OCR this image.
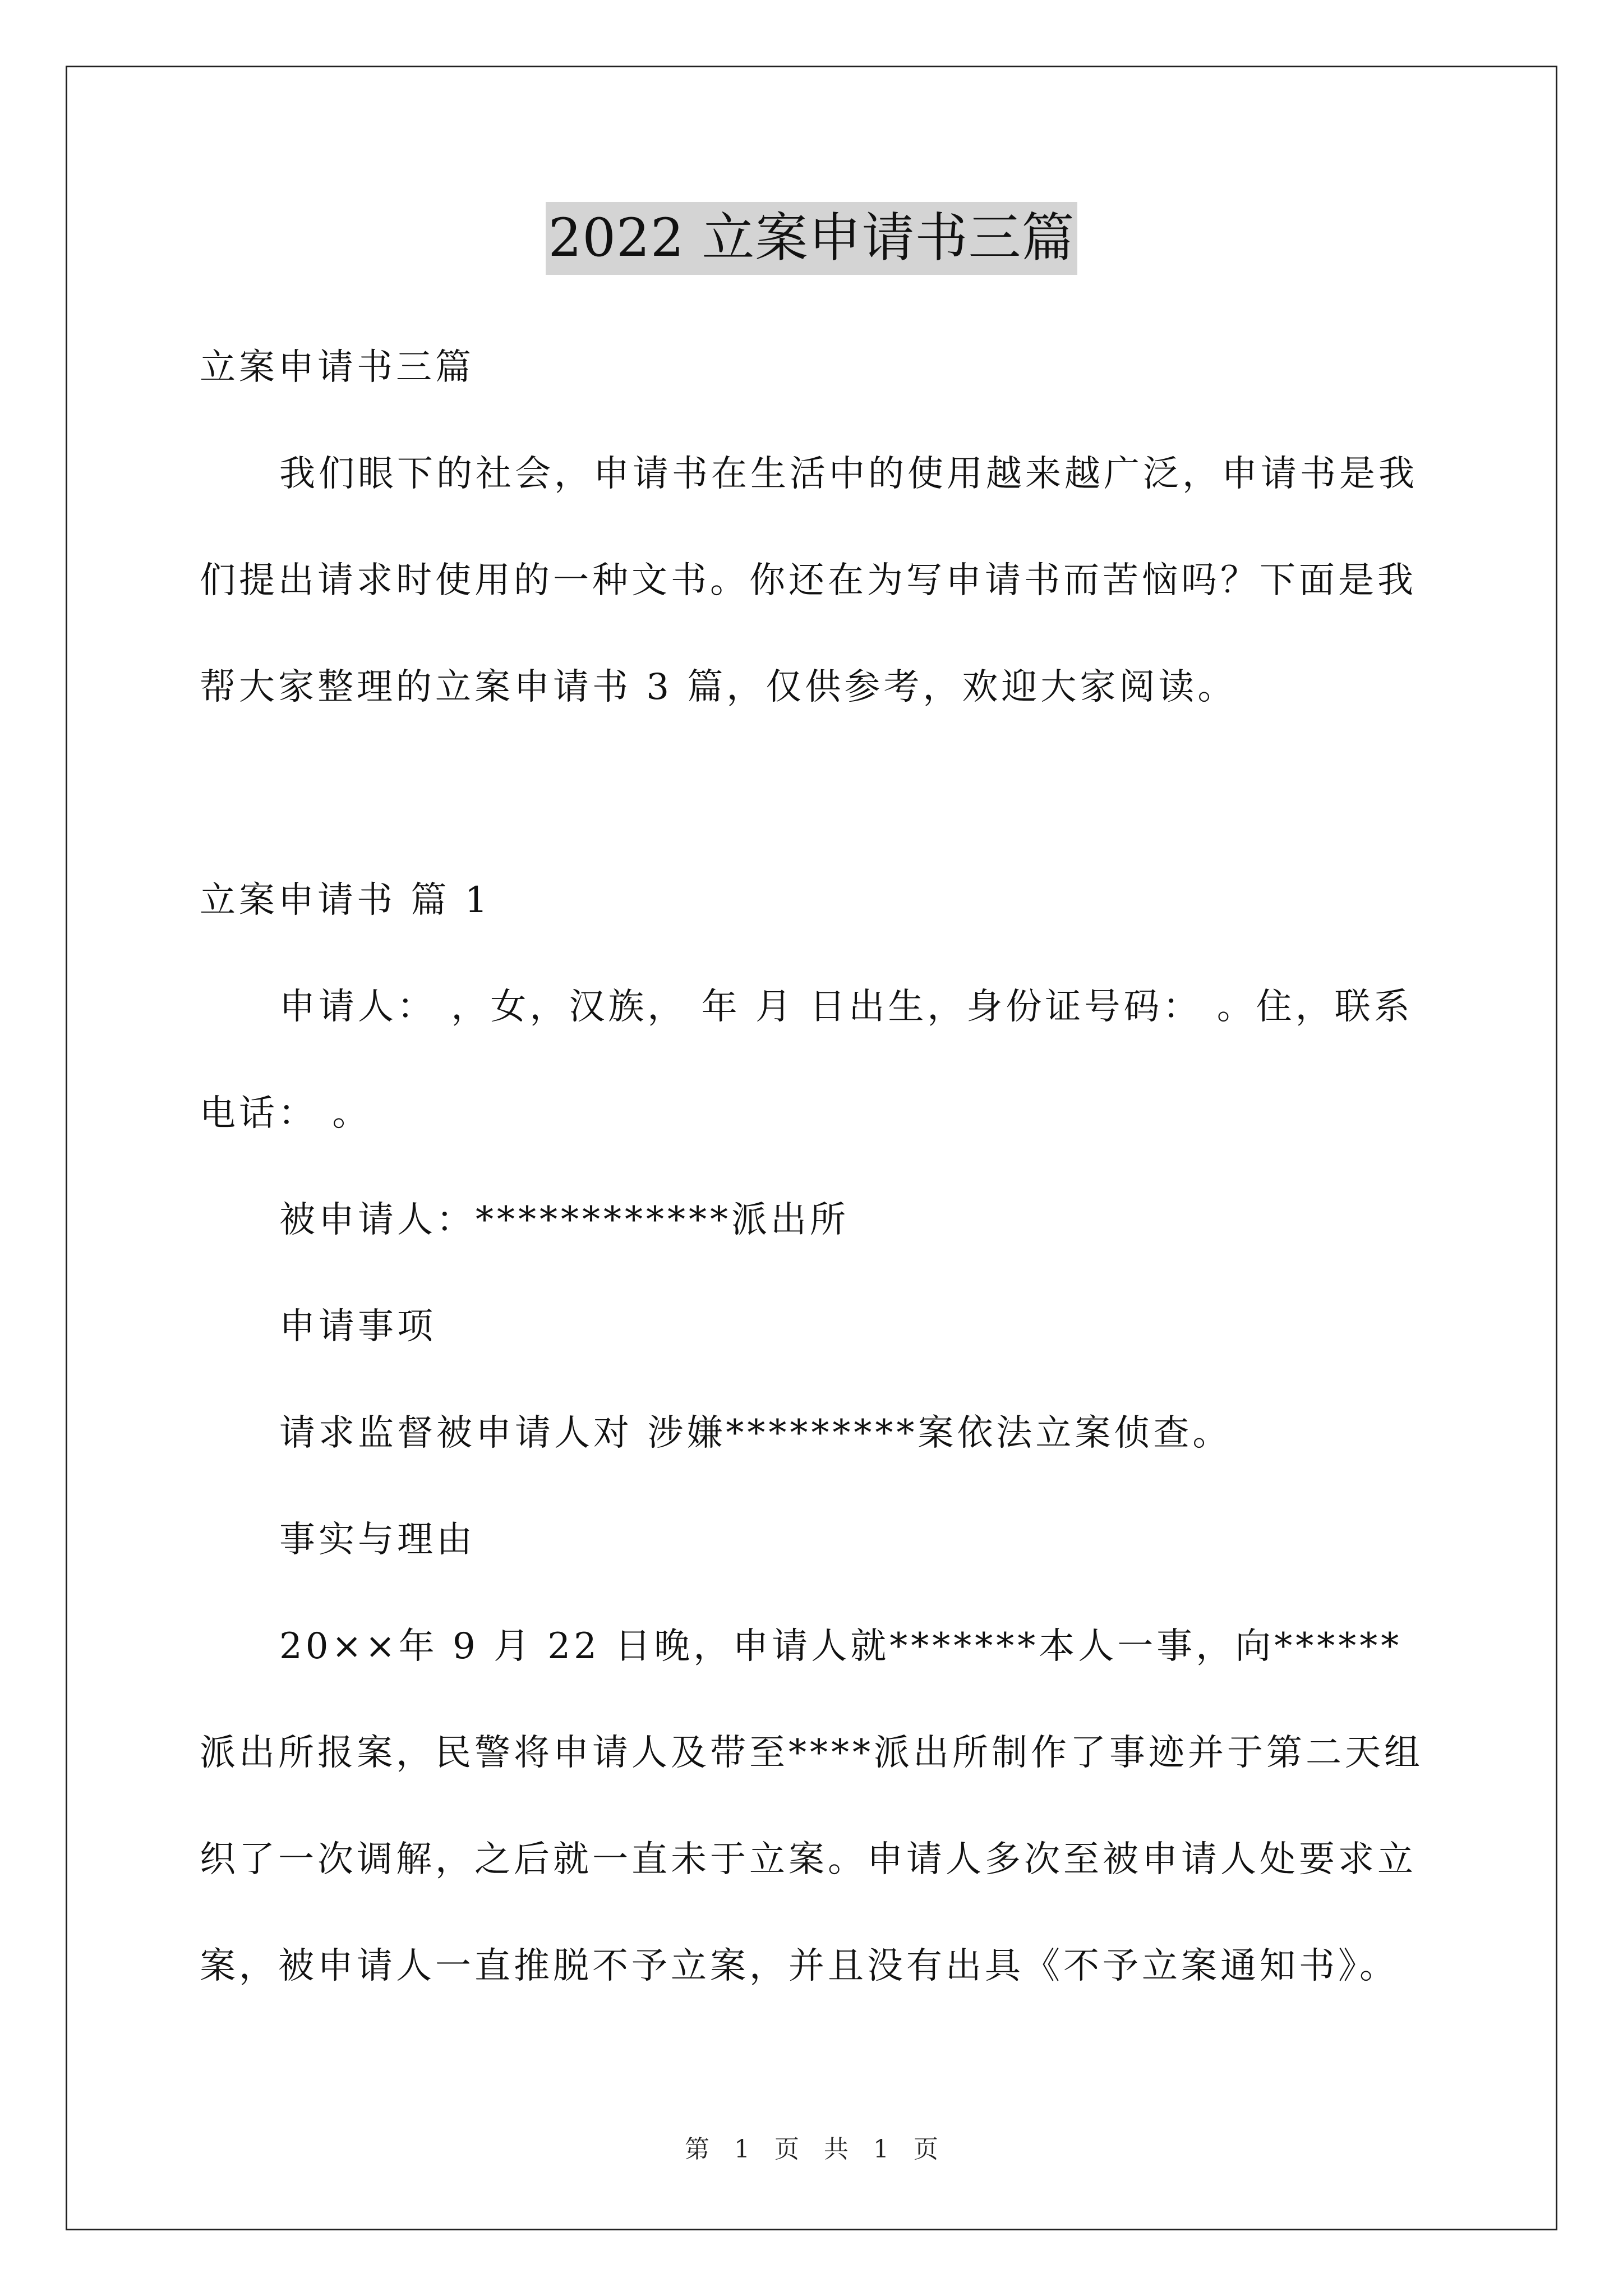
2022 立案申请书三篇

立案申请书三篇

我们眼下的社会，申请书在生活中的使用越来越广泛，申请书是我们提出请求时使用的一种文书。你还在为写申请书而苦恼吗？下面是我帮大家整理的立案申请书 3 篇，仅供参考，欢迎大家阅读。

立案申请书 篇 1

申请人： ，女，汉族， 年 月 日出生，身份证号码： 。住，联系电话： 。

被申请人：************派出所

申请事项

请求监督被申请人对 涉嫌*********案依法立案侦查。

事实与理由

20××年 9 月 22 日晚，申请人就*******本人一事，向******派出所报案，民警将申请人及带至****派出所制作了事迹并于第二天组织了一次调解，之后就一直未于立案。申请人多次至被申请人处要求立案，被申请人一直推脱不予立案，并且没有出具《不予立案通知书》。

第 1 页 共 1 页
